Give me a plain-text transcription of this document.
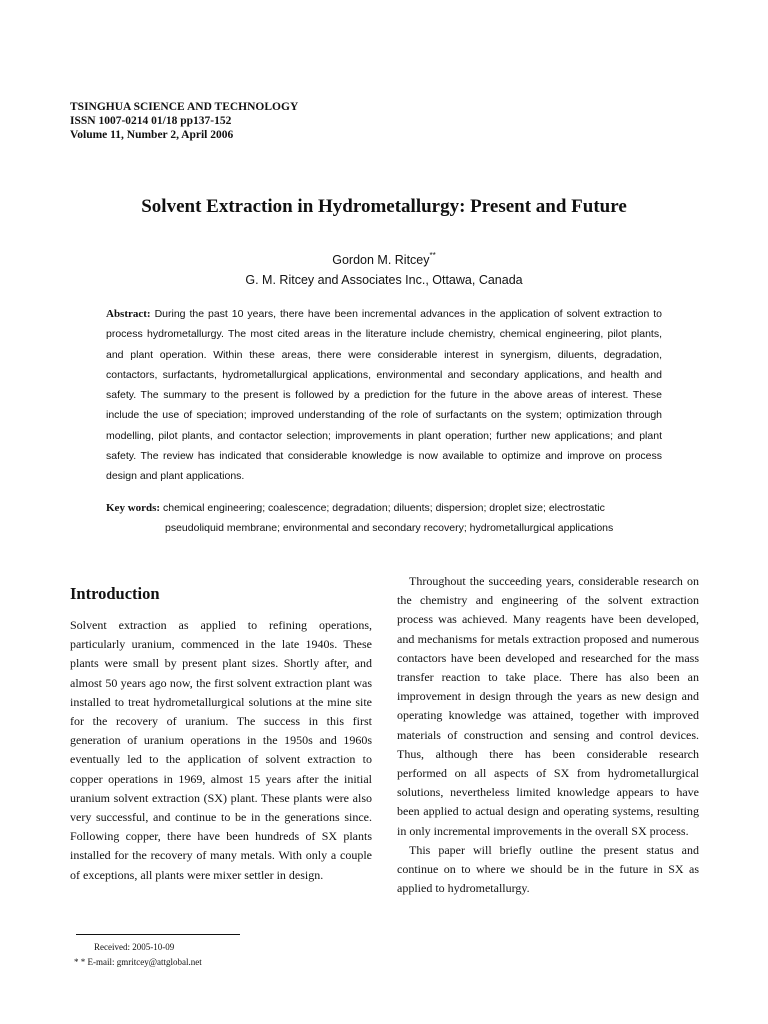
TSINGHUA SCIENCE AND TECHNOLOGY
ISSN 1007-0214 01/18 pp137-152
Volume 11, Number 2, April 2006
Solvent Extraction in Hydrometallurgy: Present and Future
Gordon M. Ritcey**
G. M. Ritcey and Associates Inc., Ottawa, Canada
Abstract: During the past 10 years, there have been incremental advances in the application of solvent extraction to process hydrometallurgy. The most cited areas in the literature include chemistry, chemical engineering, pilot plants, and plant operation. Within these areas, there were considerable interest in synergism, diluents, degradation, contactors, surfactants, hydrometallurgical applications, environmental and secondary applications, and health and safety. The summary to the present is followed by a prediction for the future in the above areas of interest. These include the use of speciation; improved understanding of the role of surfactants on the system; optimization through modelling, pilot plants, and contactor selection; improvements in plant operation; further new applications; and plant safety. The review has indicated that considerable knowledge is now available to optimize and improve on process design and plant applications.
Key words: chemical engineering; coalescence; degradation; diluents; dispersion; droplet size; electrostatic
pseudoliquid membrane; environmental and secondary recovery; hydrometallurgical applications
Introduction

Solvent extraction as applied to refining operations, particularly uranium, commenced in the late 1940s. These plants were small by present plant sizes. Shortly after, and almost 50 years ago now, the first solvent extraction plant was installed to treat hydrometallurgical solutions at the mine site for the recovery of uranium. The success in this first generation of uranium operations in the 1950s and 1960s eventually led to the application of solvent extraction to copper operations in 1969, almost 15 years after the initial uranium solvent extraction (SX) plant. These plants were also very successful, and continue to be in the generations since. Following copper, there have been hundreds of SX plants installed for the recovery of many metals. With only a couple of exceptions, all plants were mixer settler in design.

Throughout the succeeding years, considerable research on the chemistry and engineering of the solvent extraction process was achieved. Many reagents have been developed, and mechanisms for metals extraction proposed and numerous contactors have been developed and researched for the mass transfer reaction to take place. There has also been an improvement in design through the years as new design and operating knowledge was attained, together with improved materials of construction and sensing and control devices. Thus, although there has been considerable research performed on all aspects of SX from hydrometallurgical solutions, nevertheless limited knowledge appears to have been applied to actual design and operating systems, resulting in only incremental improvements in the overall SX process.

This paper will briefly outline the present status and continue on to where we should be in the future in SX as applied to hydrometallurgy.

Received: 2005-10-09
* * E-mail: gmritcey@attglobal.net
